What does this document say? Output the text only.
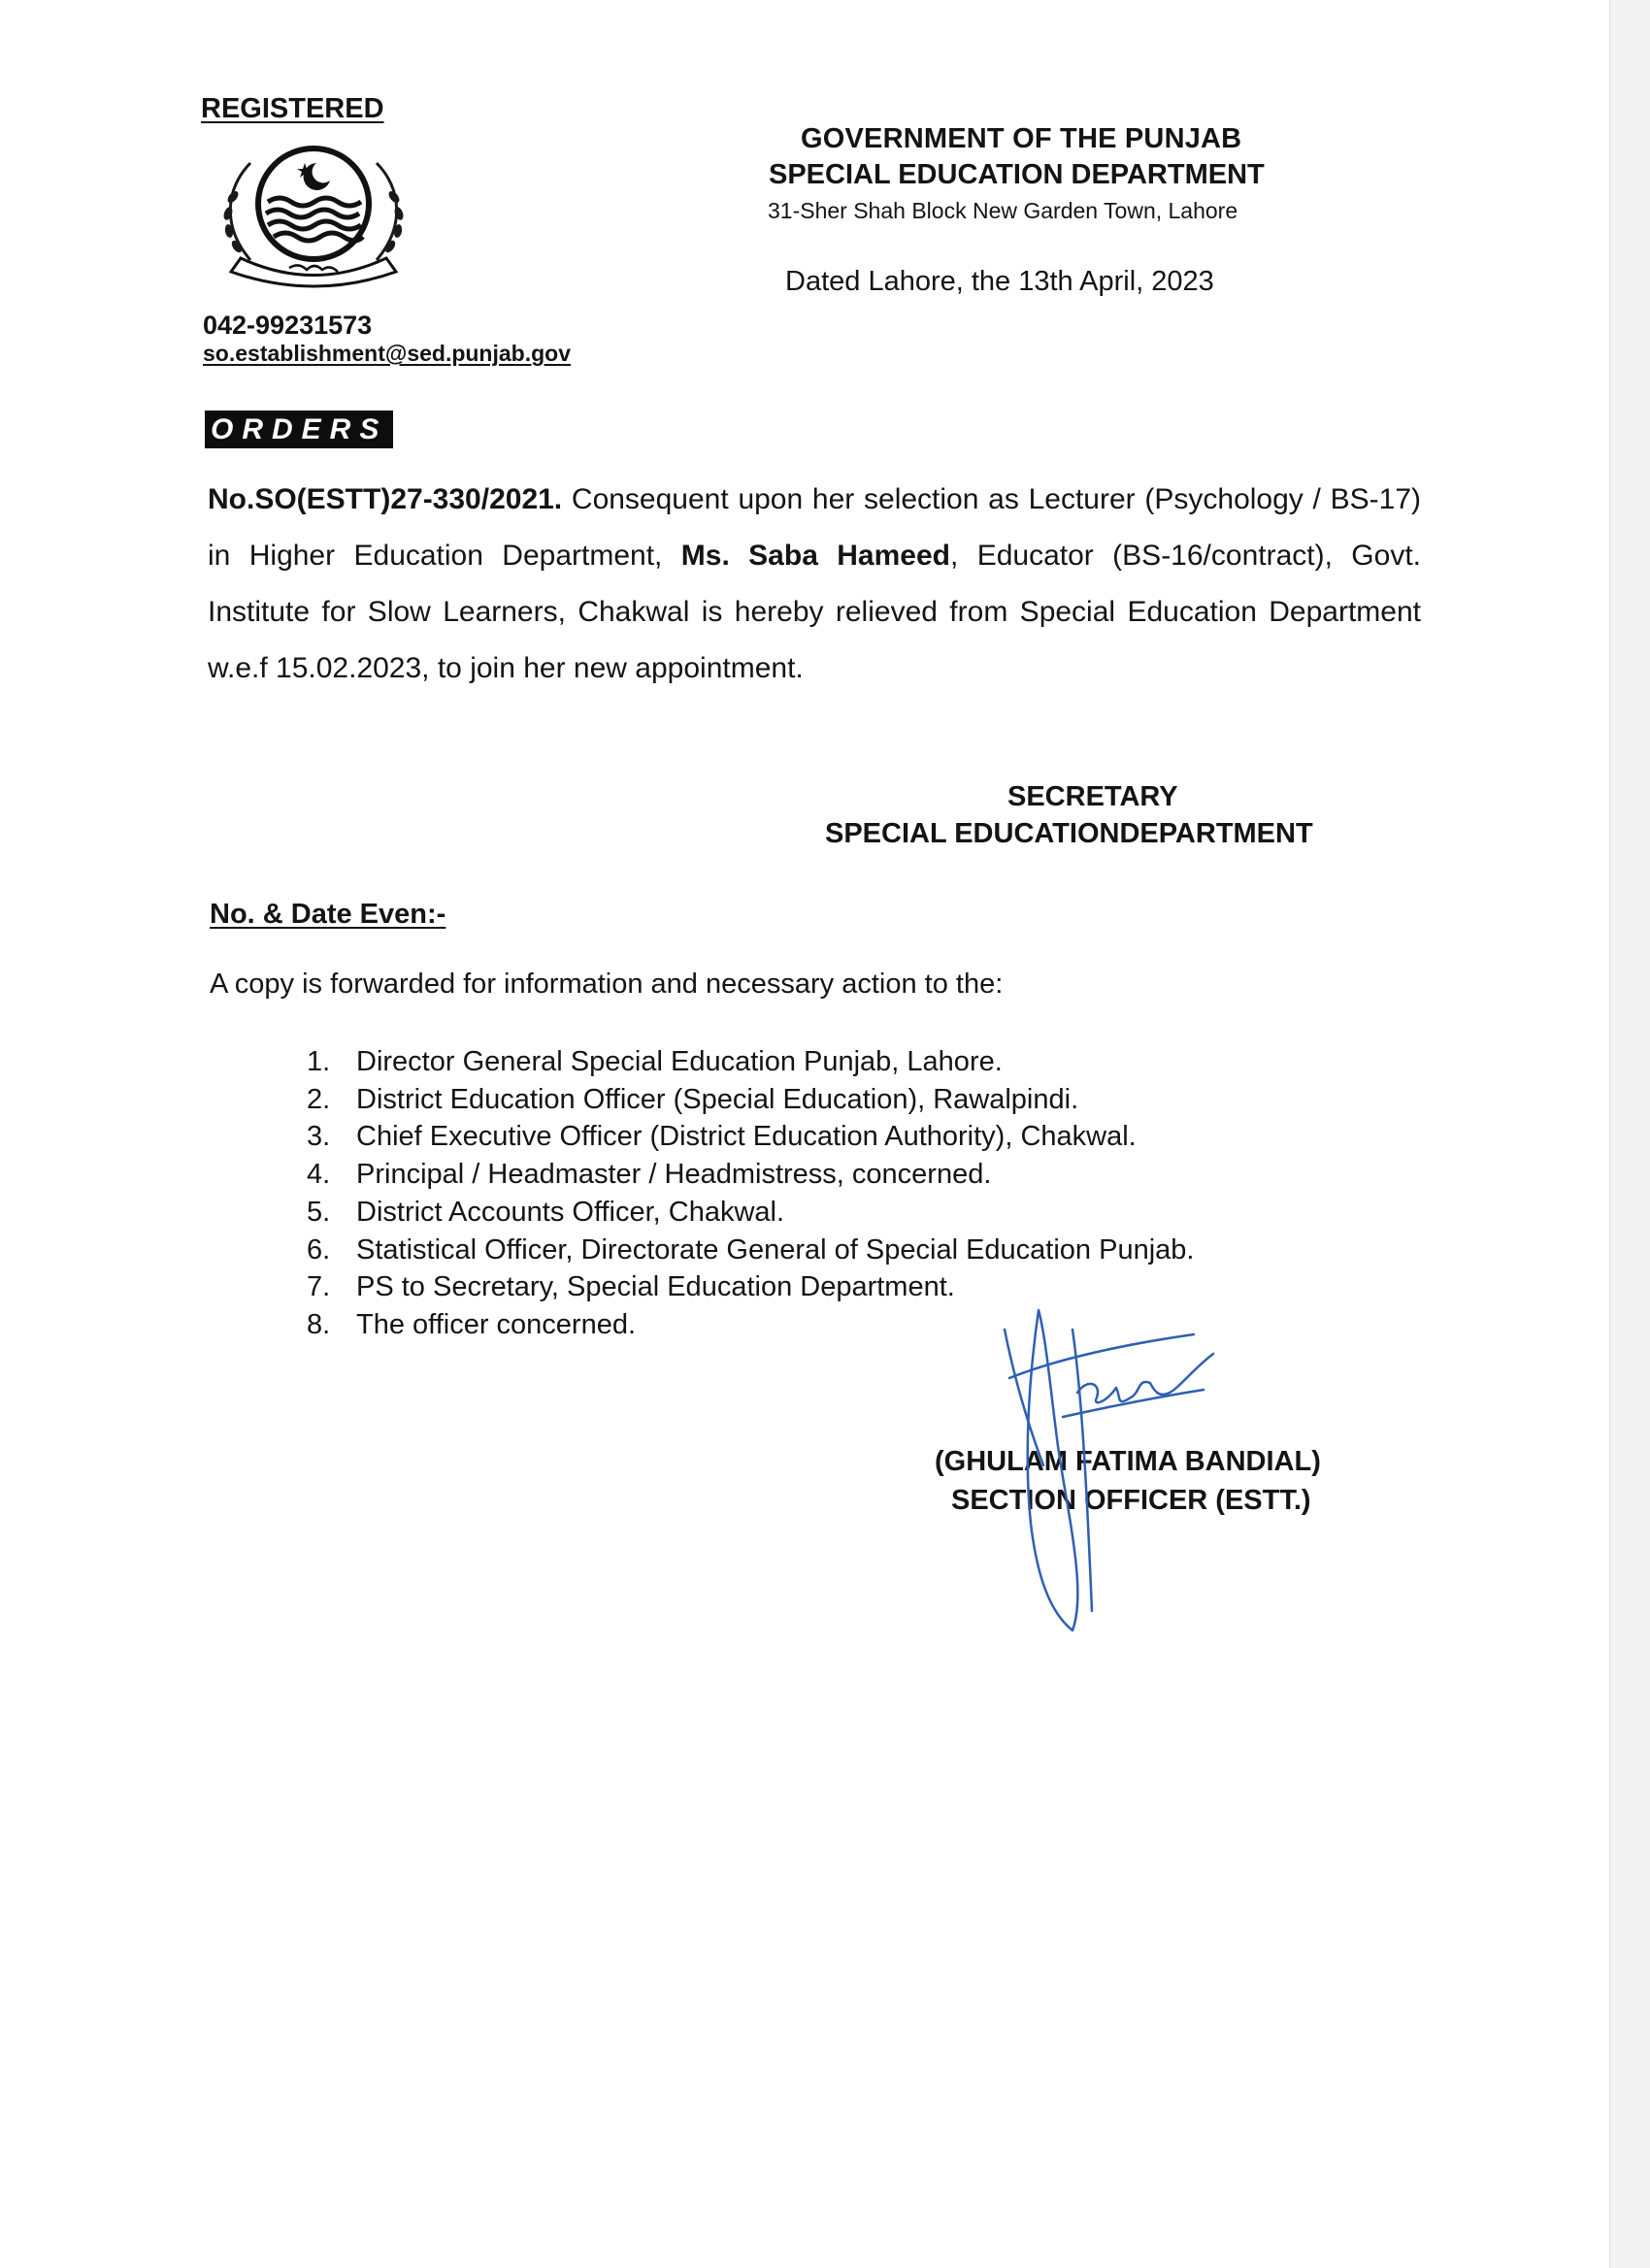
REGISTERED
042-99231573
so.establishment@sed.punjab.gov
GOVERNMENT OF THE PUNJAB
SPECIAL EDUCATION DEPARTMENT
31-Sher Shah Block New Garden Town, Lahore
Dated Lahore, the 13th April, 2023
ORDERS
No.SO(ESTT)27-330/2021. Consequent upon her selection as Lecturer (Psychology / BS-17) in Higher Education Department, Ms. Saba Hameed, Educator (BS-16/contract), Govt. Institute for Slow Learners, Chakwal is hereby relieved from Special Education Department w.e.f 15.02.2023, to join her new appointment.
SECRETARY
SPECIAL EDUCATIONDEPARTMENT
No. & Date Even:-
A copy is forwarded for information and necessary action to the:
1. Director General Special Education Punjab, Lahore.
2. District Education Officer (Special Education), Rawalpindi.
3. Chief Executive Officer (District Education Authority), Chakwal.
4. Principal / Headmaster / Headmistress, concerned.
5. District Accounts Officer, Chakwal.
6. Statistical Officer, Directorate General of Special Education Punjab.
7. PS to Secretary, Special Education Department.
8. The officer concerned.
(GHULAM FATIMA BANDIAL)
SECTION OFFICER (ESTT.)
